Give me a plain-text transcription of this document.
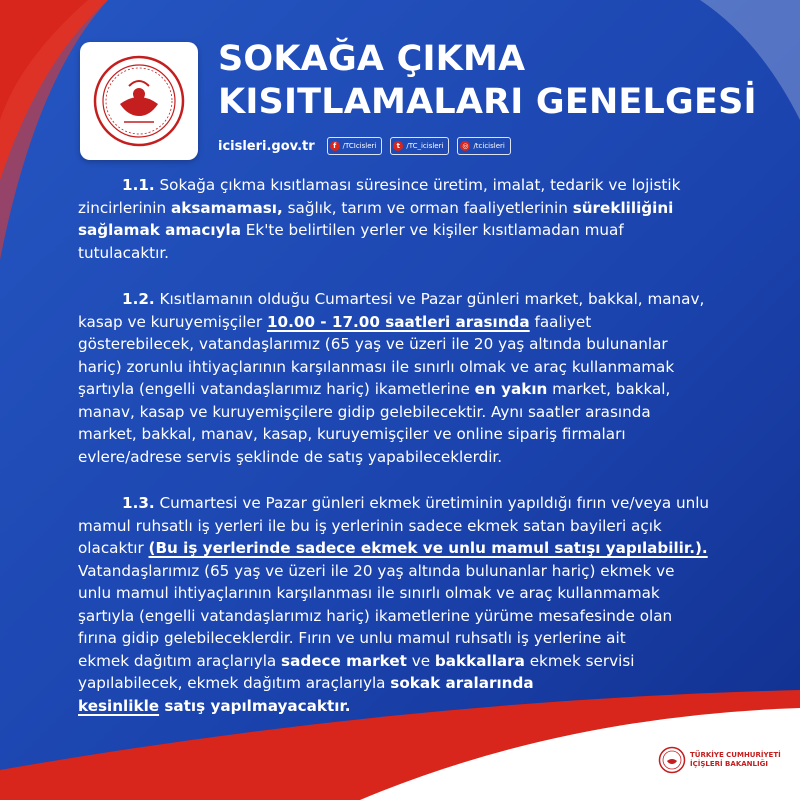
SOKAĞA ÇIKMA
KISITLAMALARI GENELGESİ
icisleri.gov.tr	f /TCIcisleri	t /TC_icisleri	◎ /tcicisleri

1.1. Sokağa çıkma kısıtlaması süresince üretim, imalat, tedarik ve lojistik

zincirlerinin aksamaması, sağlık, tarım ve orman faaliyetlerinin sürekliliğini

sağlamak amacıyla Ek'te belirtilen yerler ve kişiler kısıtlamadan muaf

tutulacaktır.

1.2. Kısıtlamanın olduğu Cumartesi ve Pazar günleri market, bakkal, manav,

kasap ve kuruyemişçiler 10.00 - 17.00 saatleri arasında faaliyet

gösterebilecek, vatandaşlarımız (65 yaş ve üzeri ile 20 yaş altında bulunanlar

hariç) zorunlu ihtiyaçlarının karşılanması ile sınırlı olmak ve araç kullanmamak

şartıyla (engelli vatandaşlarımız hariç) ikametlerine en yakın market, bakkal,

manav, kasap ve kuruyemişçilere gidip gelebilecektir. Aynı saatler arasında

market, bakkal, manav, kasap, kuruyemişçiler ve online sipariş firmaları

evlere/adrese servis şeklinde de satış yapabileceklerdir.

1.3. Cumartesi ve Pazar günleri ekmek üretiminin yapıldığı fırın ve/veya unlu

mamul ruhsatlı iş yerleri ile bu iş yerlerinin sadece ekmek satan bayileri açık

olacaktır (Bu iş yerlerinde sadece ekmek ve unlu mamul satışı yapılabilir.).

Vatandaşlarımız (65 yaş ve üzeri ile 20 yaş altında bulunanlar hariç) ekmek ve

unlu mamul ihtiyaçlarının karşılanması ile sınırlı olmak ve araç kullanmamak

şartıyla (engelli vatandaşlarımız hariç) ikametlerine yürüme mesafesinde olan

fırına gidip gelebileceklerdir. Fırın ve unlu mamul ruhsatlı iş yerlerine ait

ekmek dağıtım araçlarıyla sadece market ve bakkallara ekmek servisi

yapılabilecek, ekmek dağıtım araçlarıyla sokak aralarında

kesinlikle satış yapılmayacaktır.

TÜRKİYE CUMHURİYETİ
İÇİŞLERİ BAKANLIĞI
